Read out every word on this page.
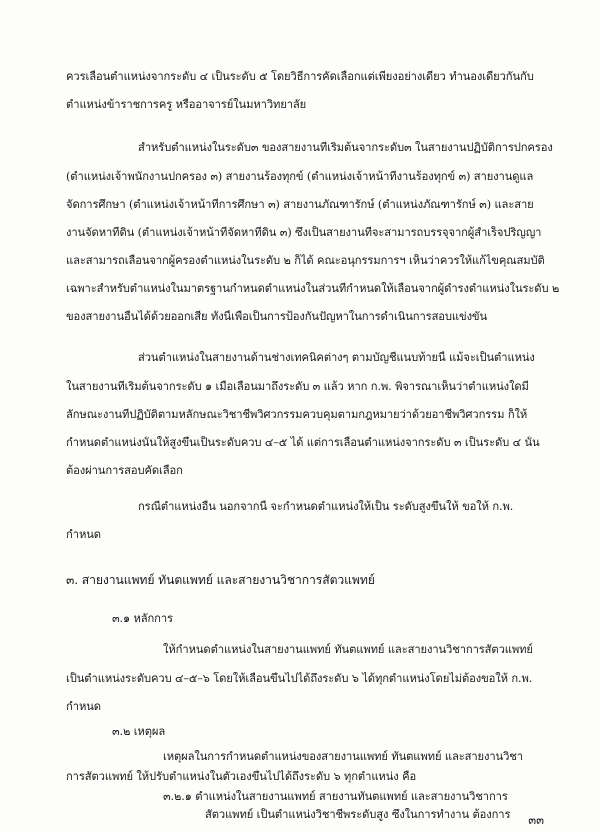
ควรเลื่อนตำแหน่งจากระดับ ๔ เป็นระดับ ๕ โดยวิธีการคัดเลือกแต่เพียงอย่างเดียว ทำนองเดียวกันกับ
ตำแหน่งข้าราชการครู หรืออาจารย์ในมหาวิทยาลัย
สำหรับตำแหน่งในระดับ๓ ของสายงานที่เริ่มต้นจากระดับ๓ ในสายงานปฏิบัติการปกครอง
(ตำแหน่งเจ้าพนักงานปกครอง ๓) สายงานร้องทุกข์ (ตำแหน่งเจ้าหน้าที่งานร้องทุกข์ ๓) สายงานดูแล
จัดการศึกษา (ตำแหน่งเจ้าหน้าที่การศึกษา ๓) สายงานภัณฑารักษ์ (ตำแหน่งภัณฑารักษ์ ๓) และสาย
งานจัดหาที่ดิน (ตำแหน่งเจ้าหน้าที่จัดหาที่ดิน ๓) ซึ่งเป็นสายงานที่จะสามารถบรรจุจากผู้สำเร็จปริญญา
และสามารถเลื่อนจากผู้ครองตำแหน่งในระดับ ๒ ก็ได้ คณะอนุกรรมการฯ เห็นว่าควรให้แก้ไขคุณสมบัติ
เฉพาะสำหรับตำแหน่งในมาตรฐานกำหนดตำแหน่งในส่วนที่กำหนดให้เลื่อนจากผู้ดำรงตำแหน่งในระดับ ๒
ของสายงานอื่นได้ด้วยออกเสีย ทั้งนี้เพื่อเป็นการป้องกันปัญหาในการดำเนินการสอบแข่งขัน
ส่วนตำแหน่งในสายงานด้านช่างเทคนิคต่างๆ ตามบัญชีแนบท้ายนี้ แม้จะเป็นตำแหน่ง
ในสายงานที่เริ่มต้นจากระดับ ๑ เมื่อเลื่อนมาถึงระดับ ๓ แล้ว หาก ก.พ. พิจารณาเห็นว่าตำแหน่งใดมี
ลักษณะงานที่ปฏิบัติตามหลักษณะวิชาชีพวิศวกรรมควบคุมตามกฎหมายว่าด้วยอาชีพวิศวกรรม ก็ให้
กำหนดตำแหน่งนั้นให้สูงขึ้นเป็นระดับควบ ๔–๕ ได้ แต่การเลื่อนตำแหน่งจากระดับ ๓ เป็นระดับ ๔ นั้น
ต้องผ่านการสอบคัดเลือก
กรณีตำแหน่งอื่น นอกจากนี้ จะกำหนดตำแหน่งให้เป็น ระดับสูงขึ้นให้ ขอให้ ก.พ.
กำหนด
๓. สายงานแพทย์ ทันตแพทย์ และสายงานวิชาการสัตวแพทย์
๓.๑ หลักการ
ให้กำหนดตำแหน่งในสายงานแพทย์ ทันตแพทย์ และสายงานวิชาการสัตวแพทย์
เป็นตำแหน่งระดับควบ ๔–๕–๖ โดยให้เลื่อนขึ้นไปได้ถึงระดับ ๖ ได้ทุกตำแหน่งโดยไม่ต้องขอให้ ก.พ.
กำหนด
๓.๒ เหตุผล
เหตุผลในการกำหนดตำแหน่งของสายงานแพทย์ ทันตแพทย์ และสายงานวิชา
การสัตวแพทย์ ให้ปรับตำแหน่งในตัวเองขึ้นไปได้ถึงระดับ ๖ ทุกตำแหน่ง คือ
๓.๒.๑ ตำแหน่งในสายงานแพทย์ สายงานทันตแพทย์ และสายงานวิชาการ
สัตวแพทย์ เป็นตำแหน่งวิชาชีพระดับสูง ซึ่งในการทำงาน ต้องการ ๓๓
